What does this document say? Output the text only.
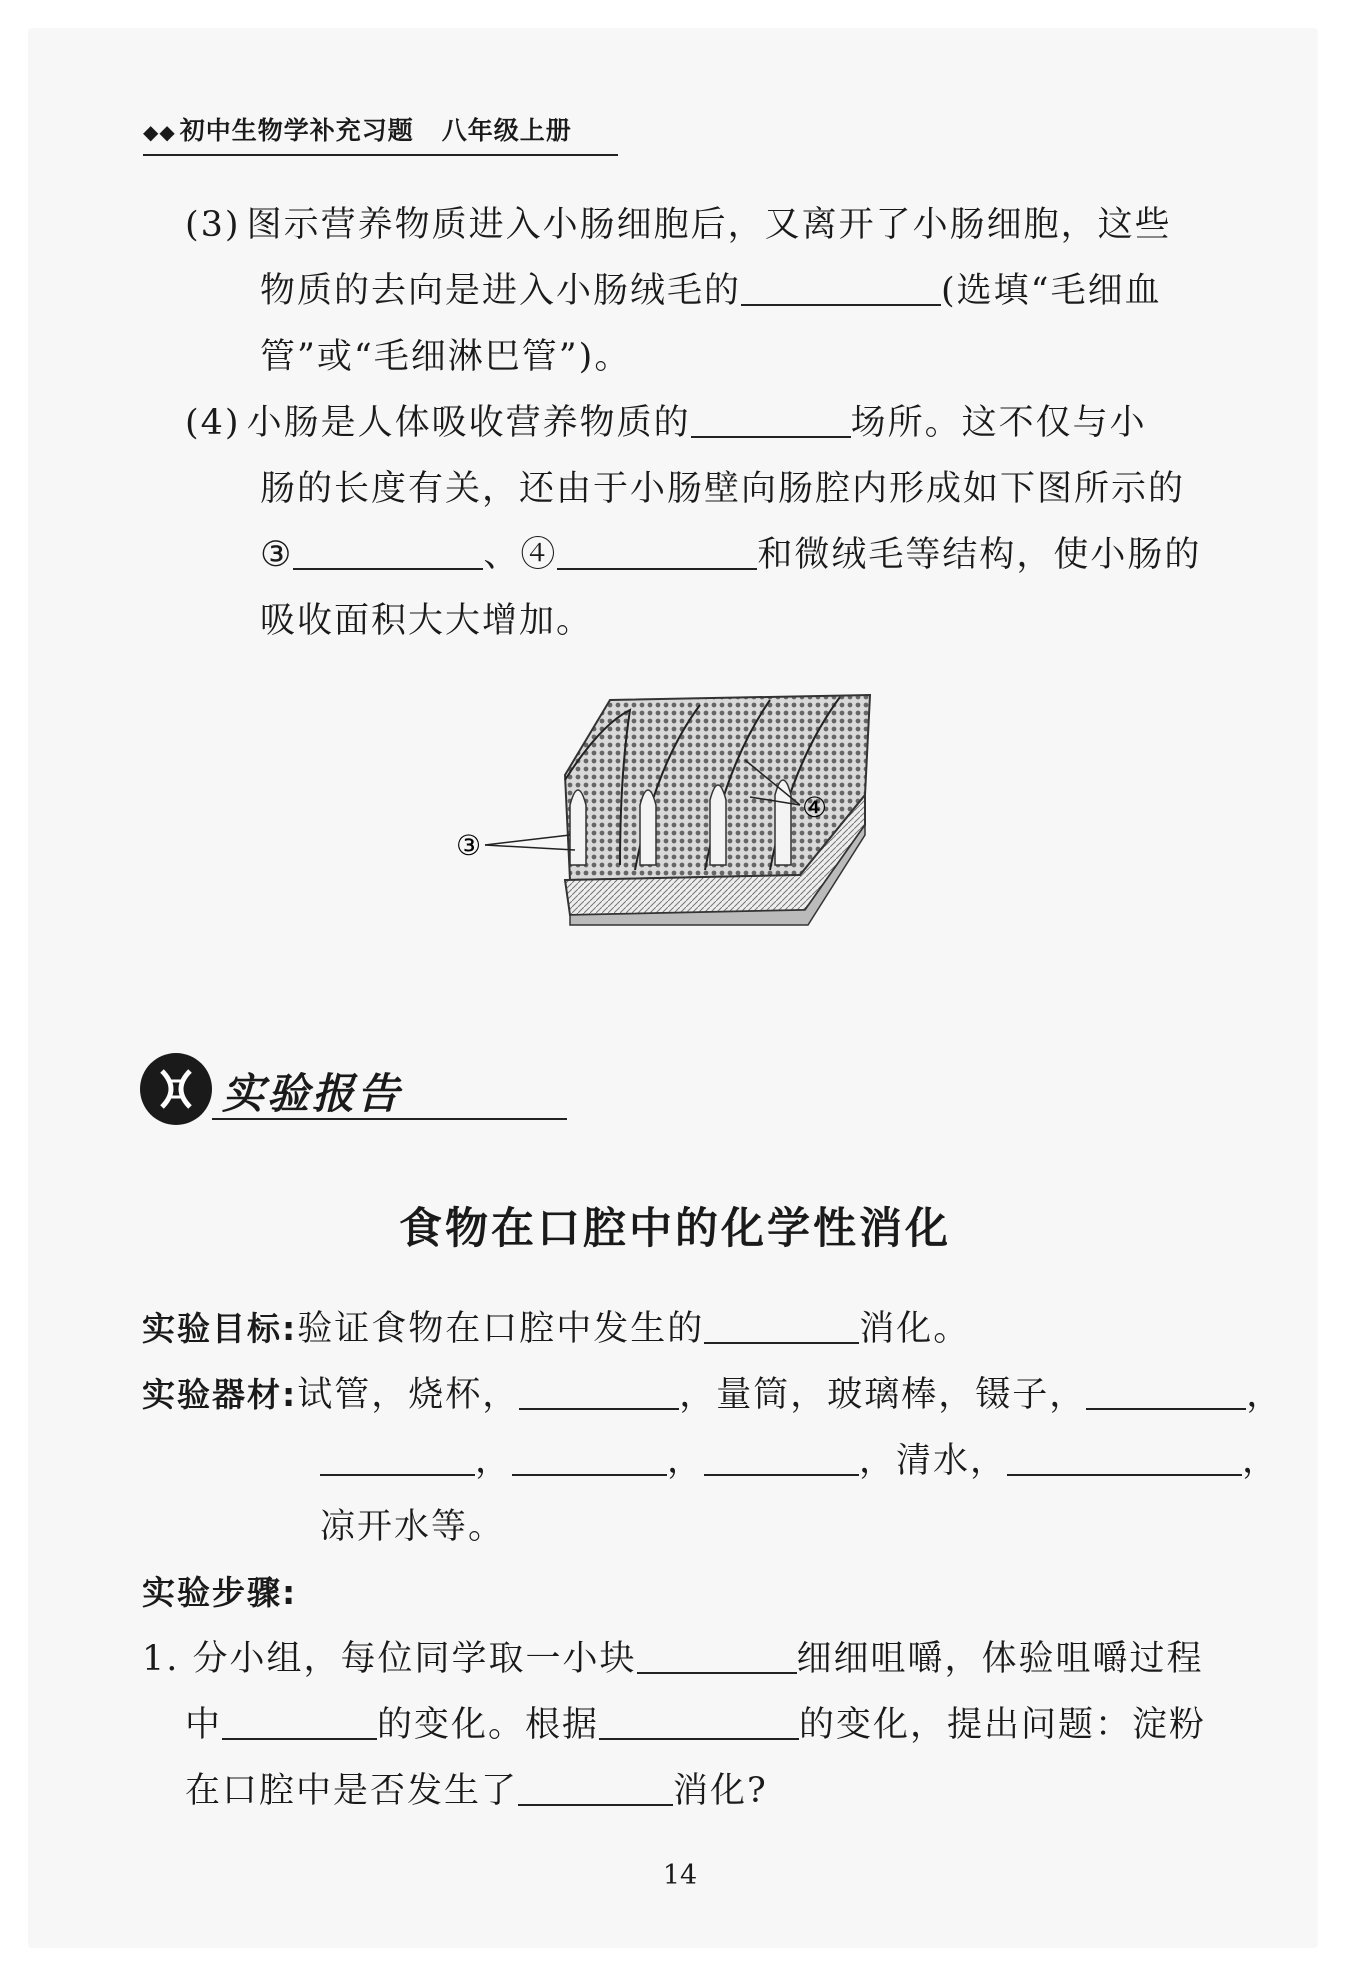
◆◆ 初中生物学补充习题 八年级上册
(3) 图示营养物质进入小肠细胞后，又离开了小肠细胞，这些
物质的去向是进入小肠绒毛的	(选填“毛细血
管”或“毛细淋巴管”)。
(4) 小肠是人体吸收营养物质的	场所。这不仅与小
肠的长度有关，还由于小肠壁向肠腔内形成如下图所示的
③	、④	和微绒毛等结构，使小肠的
吸收面积大大增加。
③
④
实验报告
食物在口腔中的化学性消化
实验目标:验证食物在口腔中发生的	消化。
实验器材:试管，烧杯，	，量筒，玻璃棒，镊子，	，
，	，	，清水，	，
凉开水等。
实验步骤:
1. 分小组，每位同学取一小块	细细咀嚼，体验咀嚼过程
中	的变化。根据	的变化，提出问题：淀粉
在口腔中是否发生了	消化?
14
